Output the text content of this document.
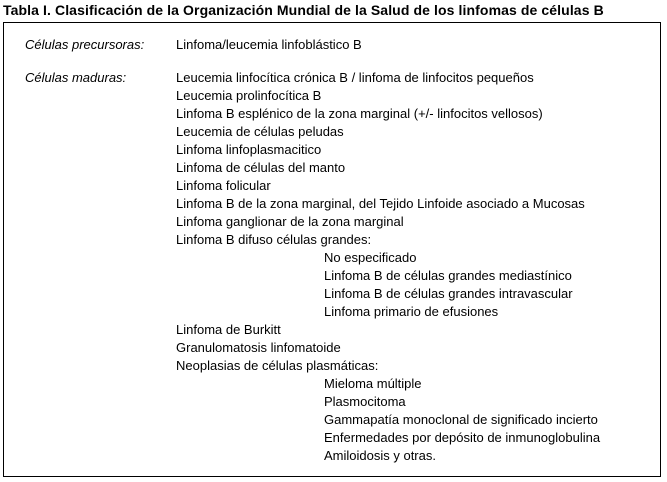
Tabla I. Clasificación de la Organización Mundial de la Salud de los linfomas de células B
Células precursoras: Linfoma/leucemia linfoblástico B
Células maduras:	Leucemia linfocítica crónica B / linfoma de linfocitos pequeños
Leucemia prolinfocítica B
Linfoma B esplénico de la zona marginal (+/- linfocitos vellosos)
Leucemia de células peludas
Linfoma linfoplasmacitico
Linfoma de células del manto
Linfoma folicular
Linfoma B de la zona marginal, del Tejido Linfoide asociado a Mucosas
Linfoma ganglionar de la zona marginal
Linfoma B difuso células grandes:
No especificado
Linfoma B de células grandes mediastínico
Linfoma B de células grandes intravascular
Linfoma primario de efusiones
Linfoma de Burkitt
Granulomatosis linfomatoide
Neoplasias de células plasmáticas:
Mieloma múltiple
Plasmocitoma
Gammapatía monoclonal de significado incierto
Enfermedades por depósito de inmunoglobulina
Amiloidosis y otras.
